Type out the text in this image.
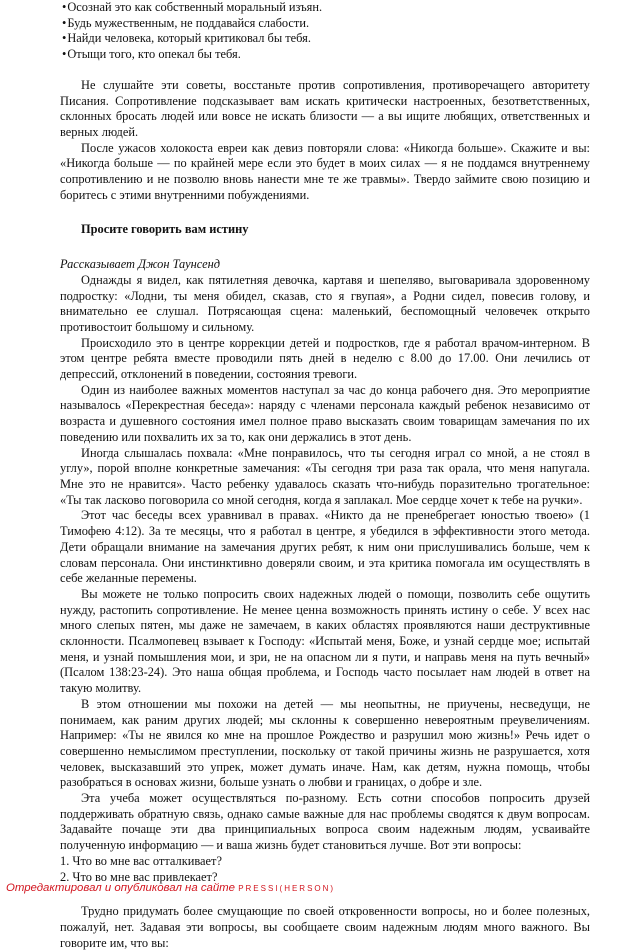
• Осознай это как собственный моральный изъян.
• Будь мужественным, не поддавайся слабости.
• Найди человека, который критиковал бы тебя.
• Отыщи того, кто опекал бы тебя.

Не слушайте эти советы, восстаньте против сопротивления, противоречащего авторитету Писания. Сопротивление подсказывает вам искать критически настроенных, безответственных, склонных бросать людей или вовсе не искать близости — а вы ищите любящих, ответственных и верных людей.

После ужасов холокоста евреи как девиз повторяли слова: «Никогда больше». Скажите и вы: «Никогда больше — по крайней мере если это будет в моих силах — я не поддамся внутреннему сопротивлению и не позволю вновь нанести мне те же травмы». Твердо займите свою позицию и боритесь с этими внутренними побуждениями.

Просите говорить вам истину

Рассказывает Джон Таунсенд

Однажды я видел, как пятилетняя девочка, картавя и шепеляво, выговаривала здоровенному подростку: «Лодни, ты меня обидел, сказав, сто я гвупая», а Родни сидел, повесив голову, и внимательно ее слушал. Потрясающая сцена: маленький, беспомощный человечек открыто противостоит большому и сильному.

Происходило это в центре коррекции детей и подростков, где я работал врачом-интерном. В этом центре ребята вместе проводили пять дней в неделю с 8.00 до 17.00. Они лечились от депрессий, отклонений в поведении, состояния тревоги.

Один из наиболее важных моментов наступал за час до конца рабочего дня. Это мероприятие называлось «Перекрестная беседа»: наряду с членами персонала каждый ребенок независимо от возраста и душевного состояния имел полное право высказать своим товарищам замечания по их поведению или похвалить их за то, как они держались в этот день.

Иногда слышалась похвала: «Мне понравилось, что ты сегодня играл со мной, а не стоял в углу», порой вполне конкретные замечания: «Ты сегодня три раза так орала, что меня напугала. Мне это не нравится». Часто ребенку удавалось сказать что-нибудь поразительно трогательное: «Ты так ласково поговорила со мной сегодня, когда я заплакал. Мое сердце хочет к тебе на ручки».

Этот час беседы всех уравнивал в правах. «Никто да не пренебрегает юностью твоею» (1 Тимофею 4:12). За те месяцы, что я работал в центре, я убедился в эффективности этого метода. Дети обращали внимание на замечания других ребят, к ним они прислушивались больше, чем к словам персонала. Они инстинктивно доверяли своим, и эта критика помогала им осуществлять в себе желанные перемены.

Вы можете не только попросить своих надежных людей о помощи, позволить себе ощутить нужду, растопить сопротивление. Не менее ценна возможность принять истину о себе. У всех нас много слепых пятен, мы даже не замечаем, в каких областях проявляются наши деструктивные склонности. Псалмопевец взывает к Господу: «Испытай меня, Боже, и узнай сердце мое; испытай меня, и узнай помышления мои, и зри, не на опасном ли я пути, и направь меня на путь вечный» (Псалом 138:23-24). Это наша общая проблема, и Господь часто посылает нам людей в ответ на такую молитву.

В этом отношении мы похожи на детей — мы неопытны, не приучены, несведущи, не понимаем, как раним других людей; мы склонны к совершенно невероятным преувеличениям. Например: «Ты не явился ко мне на прошлое Рождество и разрушил мою жизнь!» Речь идет о совершенно немыслимом преступлении, поскольку от такой причины жизнь не разрушается, хотя человек, высказавший это упрек, может думать иначе. Нам, как детям, нужна помощь, чтобы разобраться в основах жизни, больше узнать о любви и границах, о добре и зле.

Эта учеба может осуществляться по-разному. Есть сотни способов попросить друзей поддерживать обратную связь, однако самые важные для нас проблемы сводятся к двум вопросам. Задавайте почаще эти два принципиальных вопроса своим надежным людям, усваивайте полученную информацию — и ваша жизнь будет становиться лучше. Вот эти вопросы:

1. Что во мне вас отталкивает?
2. Что во мне вас привлекает?

Трудно придумать более смущающие по своей откровенности вопросы, но и более полезных, пожалуй, нет. Задавая эти вопросы, вы сообщаете своим надежным людям много важного. Вы говорите им, что вы:

Отредактировал и опубликовал на сайте PRESSI(HERSON)
